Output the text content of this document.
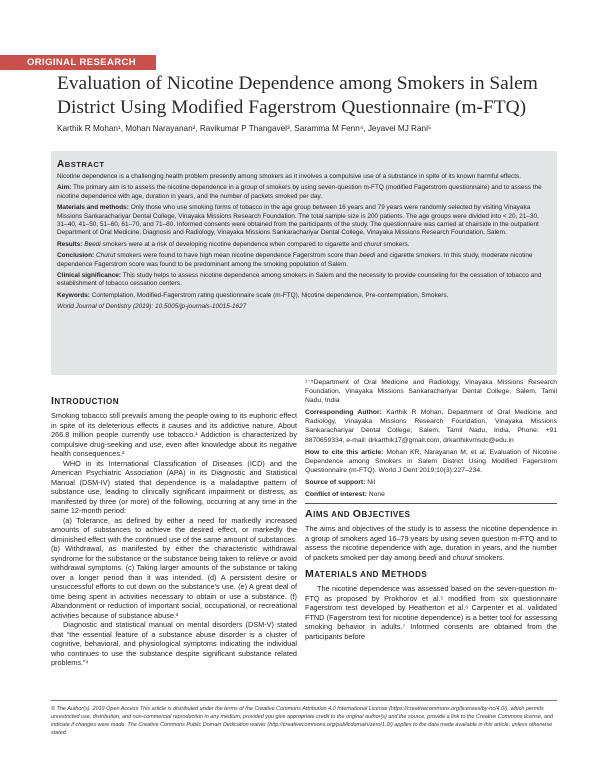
ORIGINAL RESEARCH
Evaluation of Nicotine Dependence among Smokers in Salem District Using Modified Fagerstrom Questionnaire (m-FTQ)
Karthik R Mohan¹, Mohan Narayanan², Ravikumar P Thangavel³, Saramma M Fenn⁴, Jeyavel MJ Rani⁵
ABSTRACT

Nicotine dependence is a challenging health problem presently among smokers as it involves a compulsive use of a substance in spite of its known harmful effects.

Aim: The primary aim is to assess the nicotine dependence in a group of smokers by using seven-question m-FTQ (modified Fagerstrom questionnaire) and to assess the nicotine dependence with age, duration in years, and the number of packets smoked per day.

Materials and methods: Only those who use smoking forms of tobacco in the age group between 16 years and 79 years were randomly selected by visiting Vinayaka Missions Sankarachariyar Dental College, Vinayaka Missions Research Foundation. The total sample size is 200 patients. The age groups were divided into < 20, 21–30, 31–40, 41–50, 51–60, 61–70, and 71–80. Informed consents were obtained from the participants of the study. The questionnaire was carried at chairside in the outpatient Department of Oral Medicine, Diagnosis and Radiology, Vinayaka Missions Sankarachariyar Dental College, Vinayaka Missions Research Foundation, Salem.

Results: Beedi smokers were at a risk of developing nicotine dependence when compared to cigarette and churut smokers.

Conclusion: Churut smokers were found to have high mean nicotine dependence Fagerstrom score than beedi and cigarette smokers. In this study, moderate nicotine dependence Fagerstrom score was found to be predominant among the smoking population of Salem.

Clinical significance: This study helps to assess nicotine dependence among smokers in Salem and the necessity to provide counseling for the cessation of tobacco and establishment of tobacco cessation centers.

Keywords: Contemplation, Modified-Fagerstrom rating questionnaire scale (m-FTQ), Nicotine dependence, Pre-contemplation, Smokers.

World Journal of Dentistry (2019): 10.5005/jp-journals-10015-1627

INTRODUCTION

Smoking tobacco still prevails among the people owing to its euphoric effect in spite of its deleterious effects it causes and its addictive nature. About 266.8 million people currently use tobacco.¹ Addiction is characterized by compulsive drug-seeking and use, even after knowledge about its negative health consequences.²

WHO in its International Classification of Diseases (ICD) and the American Psychiatric Association (APA) in its Diagnostic and Statistical Manual (DSM-IV) stated that dependence is a maladaptive pattern of substance use, leading to clinically significant impairment or distress, as manifested by three (or more) of the following, occurring at any time in the same 12-month period:

(a) Tolerance, as defined by either a need for markedly increased amounts of substances to achieve the desired effect, or markedly the diminished effect with the continued use of the same amount of substances. (b) Withdrawal, as manifested by either the characteristic withdrawal syndrome for the substance or the substance being taken to relieve or avoid withdrawal symptoms. (c) Taking larger amounts of the substance or taking over a longer period than it was intended. (d) A persistent desire or unsuccessful efforts to cut down on the substance’s use. (e) A great deal of time being spent in activities necessary to obtain or use a substance. (f) Abandonment or reduction of important social, occupational, or recreational activities because of substance abuse.³

Diagnostic and statistical manual on mental disorders (DSM-V) stated that “the essential feature of a substance abuse disorder is a cluster of cognitive, behavioral, and physiological symptoms indicating the individual who continues to use the substance despite significant substance related problems.”⁴

¹⁻⁵Department of Oral Medicine and Radiology, Vinayaka Missions Research Foundation, Vinayaka Missions Sankarachariyar Dental College, Salem, Tamil Nadu, India

Corresponding Author: Karthik R Mohan, Department of Oral Medicine and Radiology, Vinayaka Missions Research Foundation, Vinayaka Missions Sankarachariyar Dental College, Salem, Tamil Nadu, India, Phone: +91 8870659334, e-mail: drkarthik17@gmail.com, drkarthikvmsdc@edu.in

How to cite this article: Mohan KR, Narayanan M, et al. Evaluation of Nicotine Dependence among Smokers in Salem District Using Modified Fagerstrom Questionnaire (m-FTQ). World J Dent 2019;10(3):227–234.

Source of support: Nil

Conflict of interest: None

AIMS AND OBJECTIVES

The aims and objectives of the study is to assess the nicotine dependence in a group of smokers aged 16–79 years by using seven question m-FTQ and to assess the nicotine dependence with age, duration in years, and the number of packets smoked per day among beedi and churut smokers.

MATERIALS AND METHODS

The nicotine dependence was assessed based on the seven-question m-FTQ as proposed by Prokhorov et al.⁵ modified from six questionnaire Fagerstrom test developed by Heatherton et al.⁶ Carpenter et al. validated FTND (Fagerstrom test for nicotine dependence) is a better tool for assessing smoking behavior in adults.⁷ Informed consents are obtained from the participants before

© The Author(s). 2019 Open Access This article is distributed under the terms of the Creative Commons Attribution 4.0 International License (https://creativecommons.org/licenses/by-nc/4.0/), which permits unrestricted use, distribution, and non-commercial reproduction in any medium, provided you give appropriate credit to the original author(s) and the source, provide a link to the Creative Commons license, and indicate if changes were made. The Creative Commons Public Domain Dedication waiver (http://creativecommons.org/publicdomain/zero/1.0/) applies to the data made available in this article, unless otherwise stated.
